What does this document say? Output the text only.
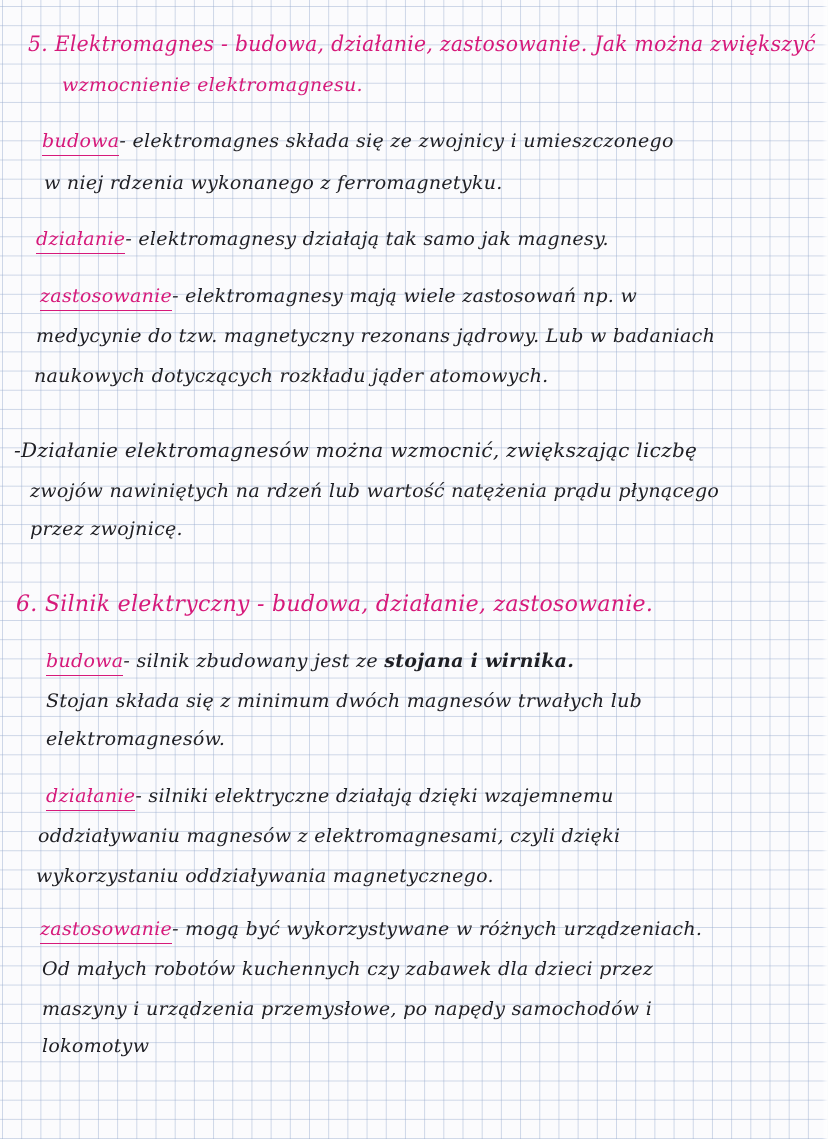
5. Elektromagnes - budowa, działanie, zastosowanie. Jak można zwiększyć
wzmocnienie elektromagnesu.
budowa- elektromagnes składa się ze zwojnicy i umieszczonego
w niej rdzenia wykonanego z ferromagnetyku.
działanie- elektromagnesy działają tak samo jak magnesy.
zastosowanie- elektromagnesy mają wiele zastosowań np. w
medycynie do tzw. magnetyczny rezonans jądrowy. Lub w badaniach
naukowych dotyczących rozkładu jąder atomowych.
-Działanie elektromagnesów można wzmocnić, zwiększając liczbę
zwojów nawiniętych na rdzeń lub wartość natężenia prądu płynącego
przez zwojnicę.
6. Silnik elektryczny - budowa, działanie, zastosowanie.
budowa- silnik zbudowany jest ze stojana i wirnika.
Stojan składa się z minimum dwóch magnesów trwałych lub
elektromagnesów.
działanie- silniki elektryczne działają dzięki wzajemnemu
oddziaływaniu magnesów z elektromagnesami, czyli dzięki
wykorzystaniu oddziaływania magnetycznego.
zastosowanie- mogą być wykorzystywane w różnych urządzeniach.
Od małych robotów kuchennych czy zabawek dla dzieci przez
maszyny i urządzenia przemysłowe, po napędy samochodów i
lokomotyw
